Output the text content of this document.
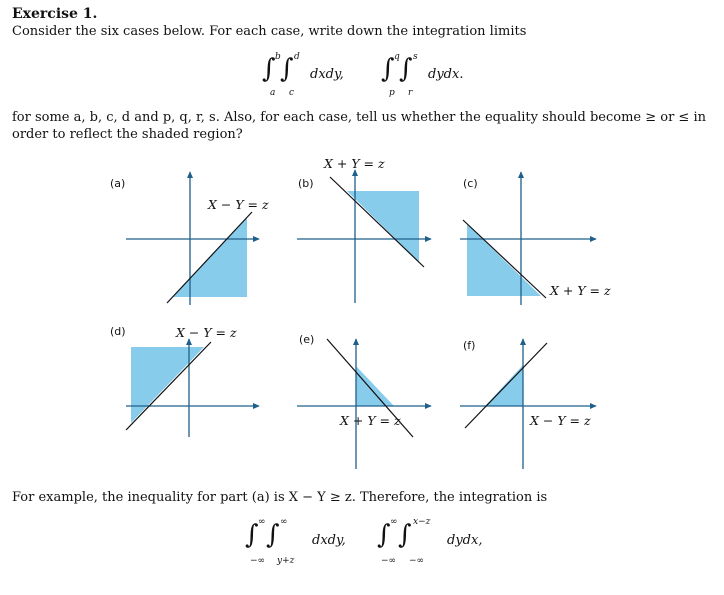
Exercise 1.
Consider the six cases below. For each case, write down the integration limits
∫ b
a
∫ d
c
dxdy, ∫ q
p
∫ s
r
dydx.
for some a, b, c, d and p, q, r, s. Also, for each case, tell us whether the equality should become ≥ or ≤ in
order to reflect the shaded region?
(a)
X − Y = z
(b)
X + Y = z
(c)
X + Y = z
(d)	X − Y = z	(e)
X + Y = z
(f)
X − Y = z
For example, the inequality for part (a) is X − Y ≥ z. Therefore, the integration is
∫ ∞
−∞
∫ ∞
y+z
dxdy, ∫ ∞
−∞
∫ x−z
−∞
dydx,
